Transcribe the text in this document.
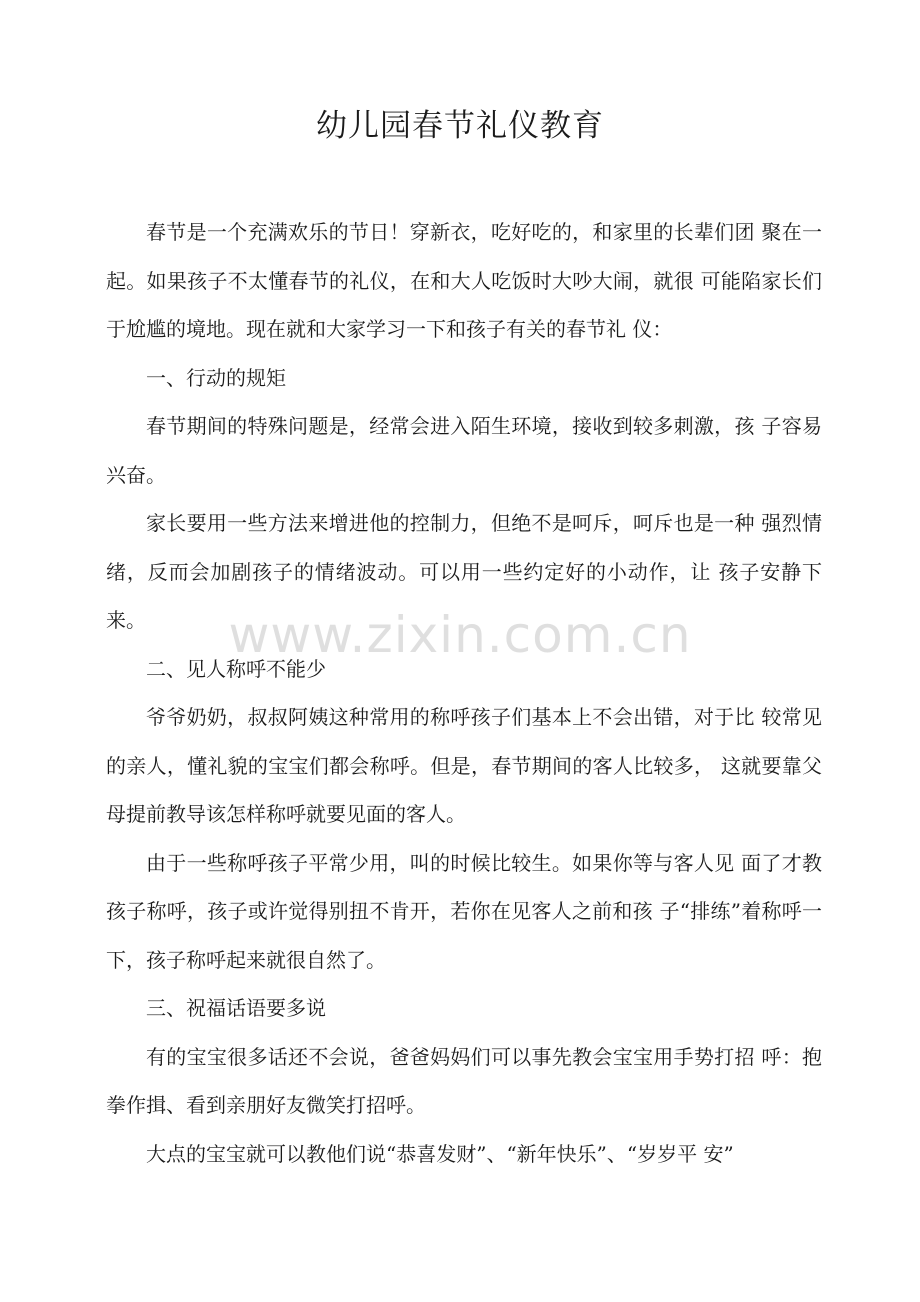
幼儿园春节礼仪教育

春节是一个充满欢乐的节日！穿新衣，吃好吃的，和家里的长辈们团 聚在一起。如果孩子不太懂春节的礼仪，在和大人吃饭时大吵大闹，就很 可能陷家长们于尬尴的境地。现在就和大家学习一下和孩子有关的春节礼 仪：

一、行动的规矩

春节期间的特殊问题是，经常会进入陌生环境，接收到较多刺激，孩 子容易兴奋。

家长要用一些方法来增进他的控制力，但绝不是呵斥，呵斥也是一种 强烈情绪，反而会加剧孩子的情绪波动。可以用一些约定好的小动作，让 孩子安静下来。

二、见人称呼不能少

爷爷奶奶，叔叔阿姨这种常用的称呼孩子们基本上不会出错，对于比 较常见的亲人，懂礼貌的宝宝们都会称呼。但是，春节期间的客人比较多， 这就要靠父母提前教导该怎样称呼就要见面的客人。

由于一些称呼孩子平常少用，叫的时候比较生。如果你等与客人见 面了才教孩子称呼，孩子或许觉得别扭不肯开，若你在见客人之前和孩 子“排练”着称呼一下，孩子称呼起来就很自然了。

三、祝福话语要多说

有的宝宝很多话还不会说，爸爸妈妈们可以事先教会宝宝用手势打招 呼：抱拳作揖、看到亲朋好友微笑打招呼。

大点的宝宝就可以教他们说“恭喜发财”、“新年快乐”、“岁岁平 安”

www.zixin.com.cn
